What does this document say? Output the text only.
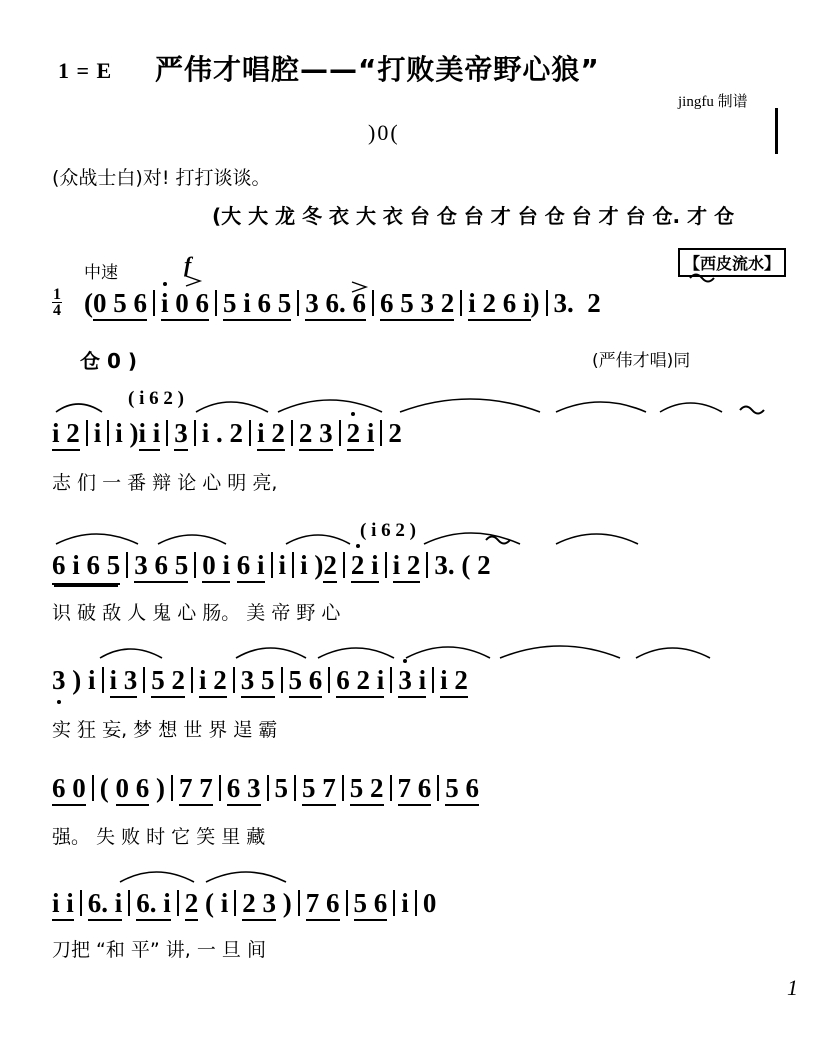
1 = E 严伟才唱腔——“打败美帝野心狼”
jingfu 制谱
)0(
(众战士白)对! 打打谈谈。
(大 大 龙 冬 衣 大 衣 台 仓 台 才 台 仓 台 才 台 仓. 才 仓
仓 0 )
中速	f	【西皮流水】
(严伟才唱)同
$\frac{1}{4} (0$ 5 6 i 0 6 5 i 6 5 3 6. 6 6 5 3 2 i 2 6 i) 3.  2
i 2 i i )i i 3 i . 2 i 2 2 3 2 i 2
( i 6 2 )
志 们 一 番 辩 论 心 明 亮,
6 i 6 5 3 6 5 0 i 6 i i i )2 2 i i 2 3. ( 2
( i 6 2 )
识 破 敌 人 鬼 心 肠。 美 帝 野 心
3 ) i i 3 5 2 i 2 3 5 5 6 6 2 i 3 i i 2
实 狂 妄, 梦 想 世 界 逞 霸
6 0 ( 0 6 ) 7 7 6 3 5 5 7 5 2 7 6 5 6
强。 失 败 时 它 笑 里 藏
i i 6. i 6. i 2 ( i 2 3 ) 7 6 5 6 i 0
刀把 “和 平” 讲, 一 旦 间
1
